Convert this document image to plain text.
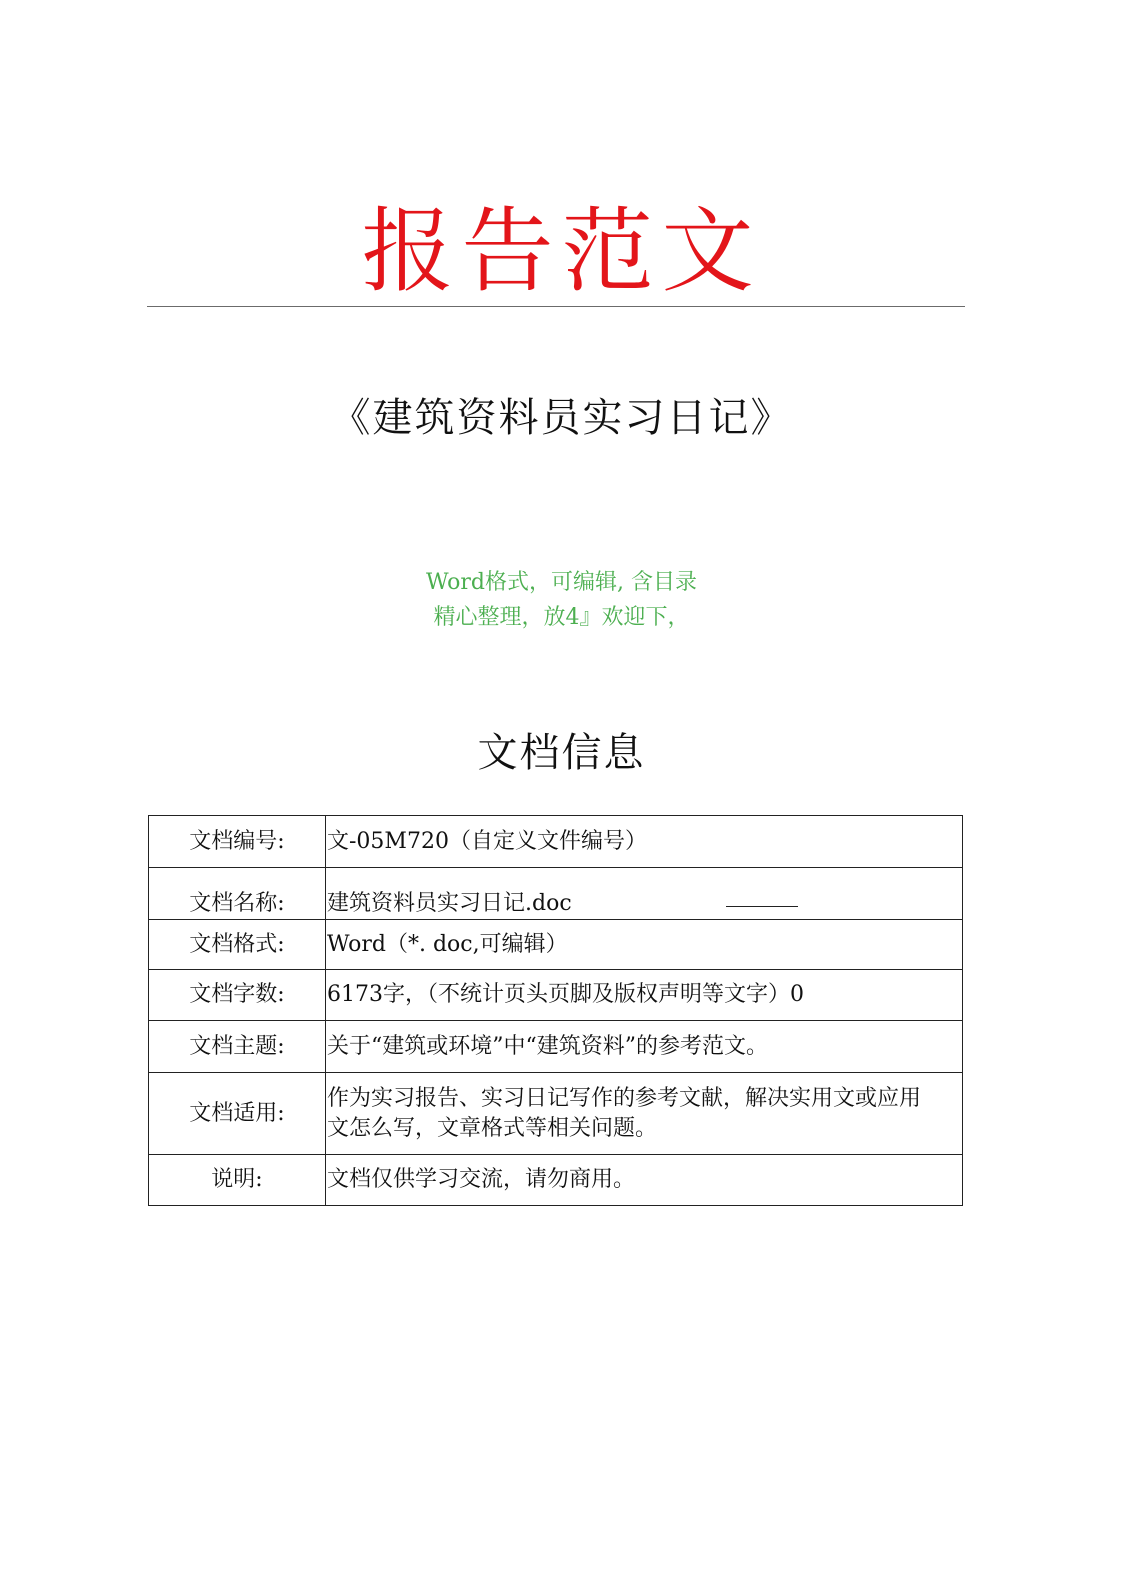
报告范文
《建筑资料员实习日记》
Word格式，可编辑, 含目录
精心整理，放4』欢迎下，
文档信息
文档编号:	文-05M720（自定义文件编号）
文档名称:	建筑资料员实习日记.doc
文档格式:	Word（*. doc,可编辑）
文档字数:	6173字，（不统计页头页脚及版权声明等文字）0
文档主题:	关于“建筑或环境”中“建筑资料”的参考范文。
文档适用:	作为实习报告、实习日记写作的参考文献，解决实用文或应用文怎么写，文章格式等相关问题。
说明:	文档仅供学习交流，请勿商用。
